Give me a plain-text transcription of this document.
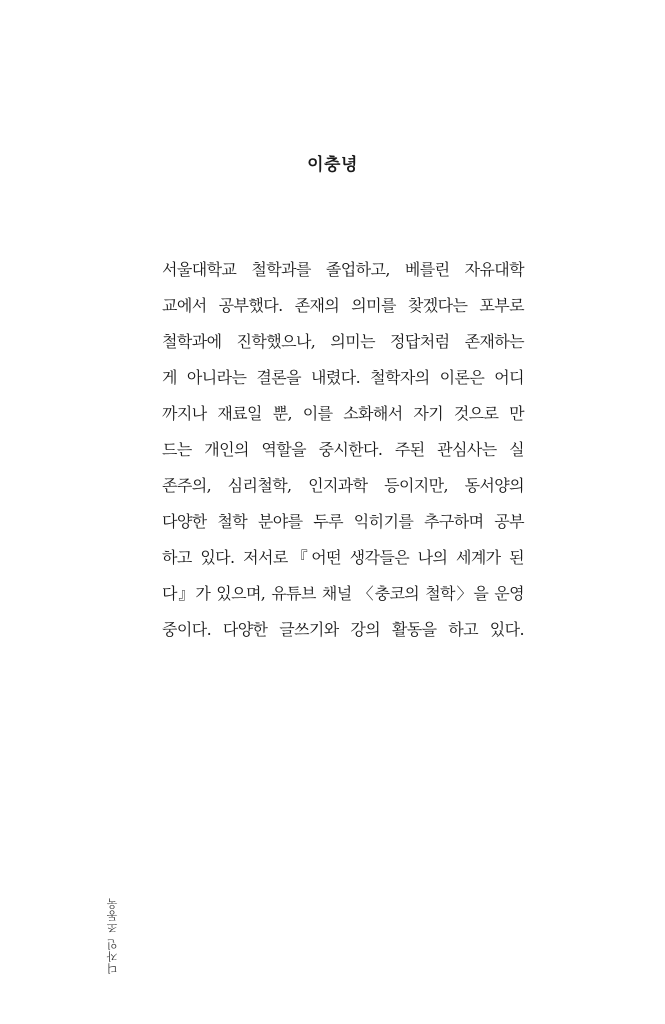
이충녕
서울대학교 철학과를 졸업하고, 베를린 자유대학
교에서 공부했다. 존재의 의미를 찾겠다는 포부로
철학과에 진학했으나, 의미는 정답처럼 존재하는
게 아니라는 결론을 내렸다. 철학자의 이론은 어디
까지나 재료일 뿐, 이를 소화해서 자기 것으로 만
드는 개인의 역할을 중시한다. 주된 관심사는 실
존주의, 심리철학, 인지과학 등이지만, 동서양의
다양한 철학 분야를 두루 익히기를 추구하며 공부
하고 있다. 저서로『어떤 생각들은 나의 세계가 된
다』가 있으며, 유튜브 채널 〈충코의 철학〉을 운영
중이다. 다양한 글쓰기와 강의 활동을 하고 있다.
디자인 조동욱
